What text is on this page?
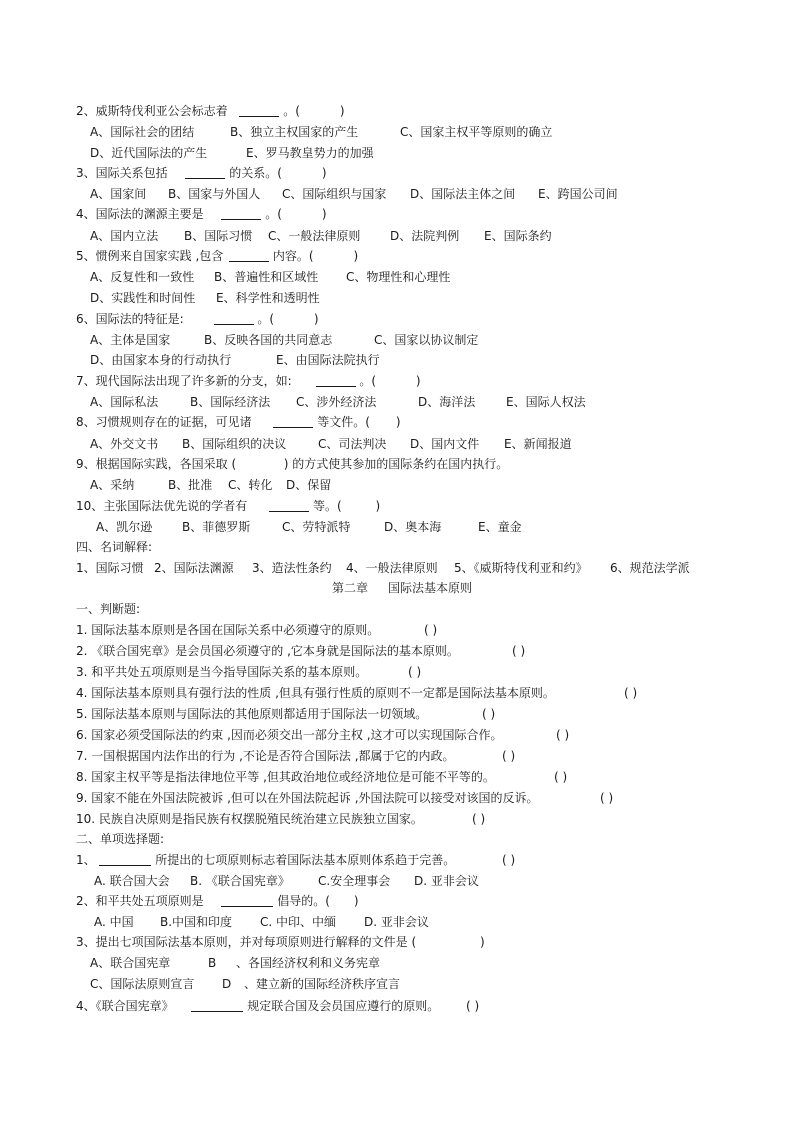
2、威斯特伐利亚公会标志着	。(	)
A、国际社会的团结	B、独立主权国家的产生	C、国家主权平等原则的确立
D、近代国际法的产生	E、罗马教皇势力的加强
3、国际关系包括	的关系。(	)
A、国家间 B、国家与外国人 C、国际组织与国家 D、国际法主体之间 E、跨国公司间
4、国际法的渊源主要是	。(	)
A、国内立法 B、国际习惯 C、一般法律原则 D、法院判例 E、国际条约
5、惯例来自国家实践 ,包含	内容。(	)
A、反复性和一致性 B、普遍性和区域性 C、物理性和心理性
D、实践性和时间性 E、科学性和透明性
6、国际法的特征是:	。(	)
A、主体是国家	B、反映各国的共同意志	C、国家以协议制定
D、由国家本身的行动执行	E、由国际法院执行
7、现代国际法出现了许多新的分支，如:	。(	)
A、国际私法	B、国际经济法 C、涉外经济法	D、海洋法	E、国际人权法
8、习惯规则存在的证据，可见诸	等文件。( )
A、外交文书 B、国际组织的决议	C、司法判决 D、国内文件 E、新闻报道
9、根据国际实践，各国采取 (	) 的方式使其参加的国际条约在国内执行。
A、采纳	B、批准 C、转化 D、保留
10、主张国际法优先说的学者有	等。(	)
A、凯尔逊 B、菲德罗斯	C、劳特派特	D、奥本海	E、童金
四、名词解释:
1、国际习惯 2、国际法渊源 3、造法性条约 4、一般法律原则 5、《威斯特伐利亚和约》 6、规范法学派
第二章 国际法基本原则
一、判断题:
1. 国际法基本原则是各国在国际关系中必须遵守的原则。	( )
2. 《联合国宪章》是会员国必须遵守的 ,它本身就是国际法的基本原则。	( )
3. 和平共处五项原则是当今指导国际关系的基本原则。	( )
4. 国际法基本原则具有强行法的性质 ,但具有强行性质的原则不一定都是国际法基本原则。	( )
5. 国际法基本原则与国际法的其他原则都适用于国际法一切领域。	( )
6. 国家必须受国际法的约束 ,因而必须交出一部分主权 ,这才可以实现国际合作。	( )
7. 一国根据国内法作出的行为 ,不论是否符合国际法 ,都属于它的内政。	( )
8. 国家主权平等是指法律地位平等 ,但其政治地位或经济地位是可能不平等的。	( )
9. 国家不能在外国法院被诉 ,但可以在外国法院起诉 ,外国法院可以接受对该国的反诉。	( )
10. 民族自决原则是指民族有权摆脱殖民统治建立民族独立国家。	( )
二、单项选择题:
1、	所提出的七项原则标志着国际法基本原则体系趋于完善。	( )
A. 联合国大会 B. 《联合国宪章》 C.安全理事会 D. 亚非会议
2、和平共处五项原则是	倡导的。( )
A. 中国 B.中国和印度 C. 中印、中缅 D. 亚非会议
3、提出七项国际法基本原则，并对每项原则进行解释的文件是 (	)
A、联合国宪章	B 、各国经济权利和义务宪章
C、国际法原则宣言 D 、建立新的国际经济秩序宣言
4、《联合国宪章》	规定联合国及会员国应遵行的原则。 ( )
